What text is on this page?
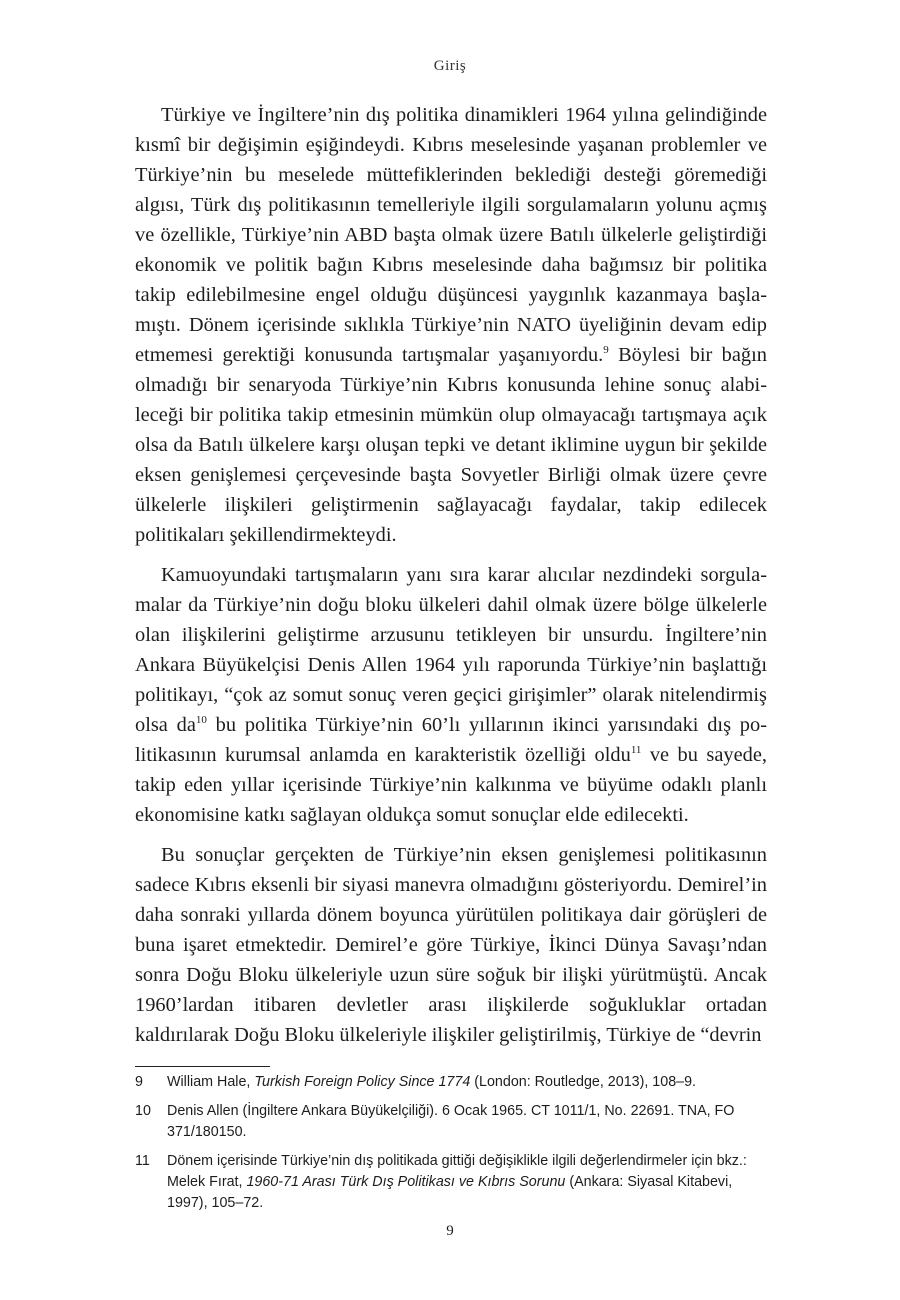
Giriş

Türkiye ve İngiltere’nin dış politika dinamikleri 1964 yılına gelindiğinde kısmî bir değişimin eşiğindeydi. Kıbrıs meselesinde yaşanan problemler ve Türkiye’nin bu meselede müttefiklerinden beklediği desteği göremediği algısı, Türk dış politikasının temelleriyle ilgili sorgulamaların yolunu açmış ve özellikle, Türkiye’nin ABD başta olmak üzere Batılı ülkelerle geliştirdiği ekonomik ve politik bağın Kıbrıs meselesinde daha bağımsız bir politika takip edilebilmesine engel olduğu düşüncesi yaygınlık kazanmaya başlamıştı. Dönem içerisinde sıklıkla Türkiye’nin NATO üyeliğinin devam edip etmemesi gerektiği konusunda tartışmalar yaşanıyordu.$^9$ Böylesi bir bağın olmadığı bir senaryoda Türkiye’nin Kıbrıs konusunda lehine sonuç alabileceği bir politika takip etmesinin mümkün olup olmayacağı tartışmaya açık olsa da Batılı ülkelere karşı oluşan tepki ve detant iklimine uygun bir şekilde eksen genişlemesi çerçevesinde başta Sovyetler Birliği olmak üzere çevre ülkelerle ilişkileri geliştirmenin sağlayacağı faydalar, takip edilecek politikaları şekillendirmekteydi.

Kamuoyundaki tartışmaların yanı sıra karar alıcılar nezdindeki sorgulamalar da Türkiye’nin doğu bloku ülkeleri dahil olmak üzere bölge ülkelerle olan ilişkilerini geliştirme arzusunu tetikleyen bir unsurdu. İngiltere’nin Ankara Büyükelçisi Denis Allen 1964 yılı raporunda Türkiye’nin başlattığı politikayı, “çok az somut sonuç veren geçici girişimler” olarak nitelendirmiş olsa $da^{10}$ bu politika Türkiye’nin 60’lı yıllarının ikinci yarısındaki dış politikasının kurumsal anlamda en karakteristik özelliği oldu$^{11}$ ve bu sayede, takip eden yıllar içerisinde Türkiye’nin kalkınma ve büyüme odaklı planlı ekonomisine katkı sağlayan oldukça somut sonuçlar elde edilecekti.

Bu sonuçlar gerçekten de Türkiye’nin eksen genişlemesi politikasının sadece Kıbrıs eksenli bir siyasi manevra olmadığını gösteriyordu. Demirel’in daha sonraki yıllarda dönem boyunca yürütülen politikaya dair görüşleri de buna işaret etmektedir. Demirel’e göre Türkiye, İkinci Dünya Savaşı’ndan sonra Doğu Bloku ülkeleriyle uzun süre soğuk bir ilişki yürütmüştü. Ancak 1960’lardan itibaren devletler arası ilişkilerde soğukluklar ortadan kaldırılarak Doğu Bloku ülkeleriyle ilişkiler geliştirilmiş, Türkiye de “devrin

9	William Hale, Turkish Foreign Policy Since 1774 (London: Routledge, 2013), 108–9.
10	Denis Allen (İngiltere Ankara Büyükelçiliği). 6 Ocak 1965. CT 1011/1, No. 22691. TNA, FO 371/180150.
11	Dönem içerisinde Türkiye’nin dış politikada gittiği değişiklikle ilgili değerlendirmeler için bkz.: Melek Fırat, 1960-71 Arası Türk Dış Politikası ve Kıbrıs Sorunu (Ankara: Siyasal Kitabevi, 1997), 105–72.
9
